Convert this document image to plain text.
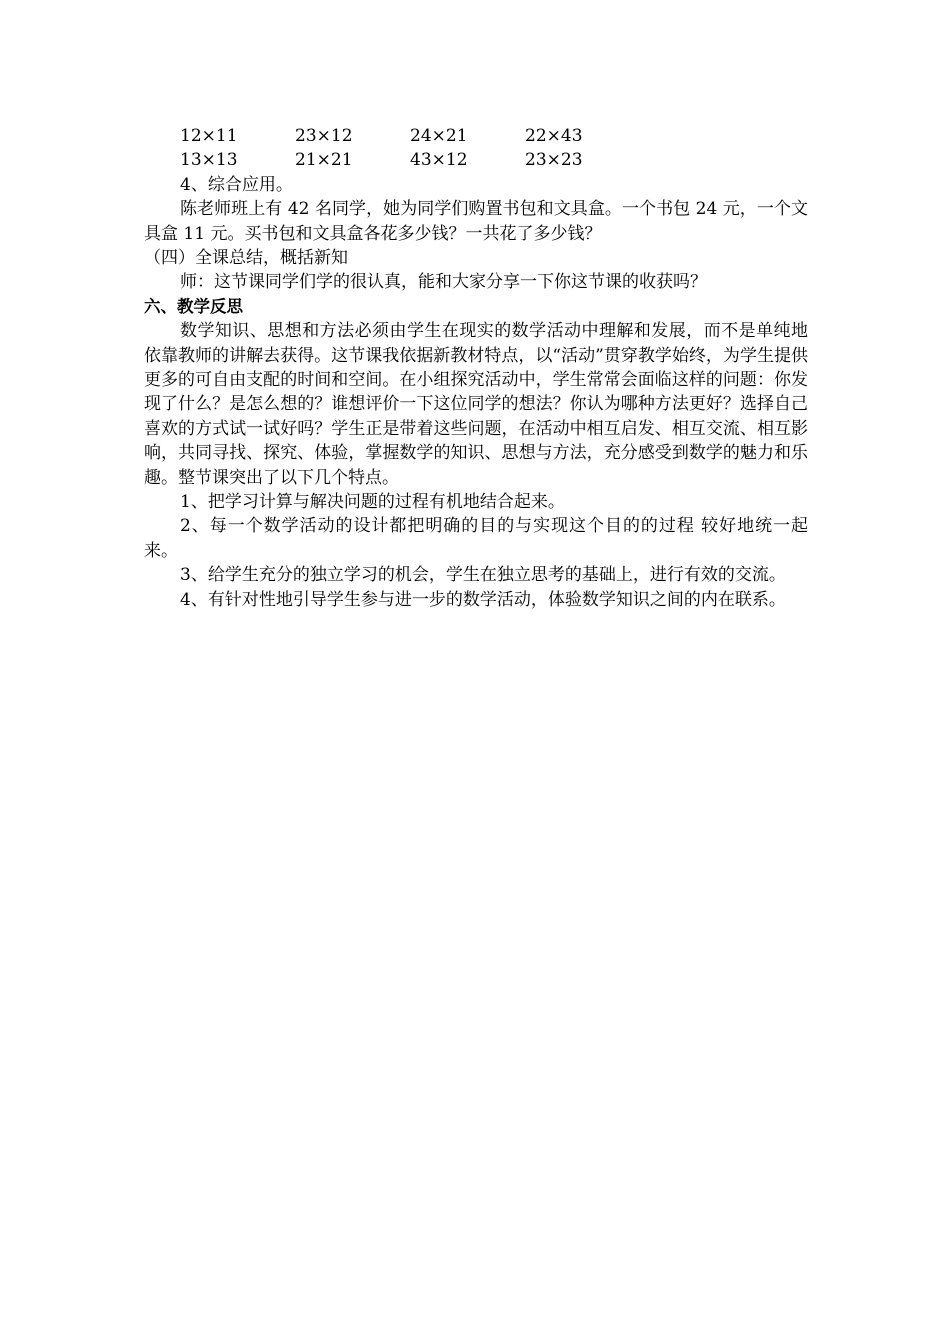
12×11	23×12	24×21	22×43
13×13	21×21	43×12	23×23

4、综合应用。

陈老师班上有 42 名同学，她为同学们购置书包和文具盒。一个书包 24 元，一个文具盒 11 元。买书包和文具盒各花多少钱？一共花了多少钱？

（四）全课总结，概括新知

师：这节课同学们学的很认真，能和大家分享一下你这节课的收获吗？

六、教学反思

数学知识、思想和方法必须由学生在现实的数学活动中理解和发展，而不是单纯地依靠教师的讲解去获得。这节课我依据新教材特点，以“活动”贯穿教学始终，为学生提供更多的可自由支配的时间和空间。在小组探究活动中，学生常常会面临这样的问题：你发现了什么？是怎么想的？谁想评价一下这位同学的想法？你认为哪种方法更好？选择自己喜欢的方式试一试好吗？学生正是带着这些问题，在活动中相互启发、相互交流、相互影响，共同寻找、探究、体验，掌握数学的知识、思想与方法，充分感受到数学的魅力和乐趣。整节课突出了以下几个特点。

1、把学习计算与解决问题的过程有机地结合起来。

2、每一个数学活动的设计都把明确的目的与实现这个目的的过程 较好地统一起来。

3、给学生充分的独立学习的机会，学生在独立思考的基础上，进行有效的交流。

4、有针对性地引导学生参与进一步的数学活动，体验数学知识之间的内在联系。
